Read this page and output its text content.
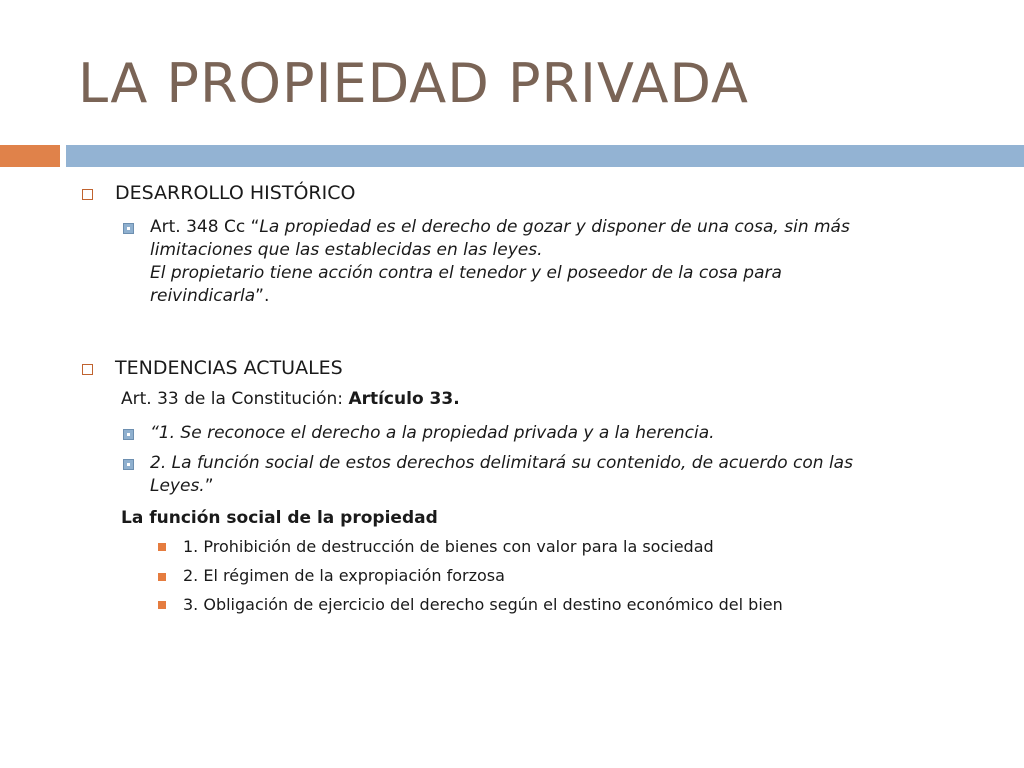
LA PROPIEDAD PRIVADA
DESARROLLO HISTÓRICO
Art. 348 Cc “La propiedad es el derecho de gozar y disponer de una cosa, sin más
limitaciones que las establecidas en las leyes.
El propietario tiene acción contra el tenedor y el poseedor de la cosa para
reivindicarla”.
TENDENCIAS ACTUALES
Art. 33 de la Constitución: Artículo 33.
“1. Se reconoce el derecho a la propiedad privada y a la herencia.
2. La función social de estos derechos delimitará su contenido, de acuerdo con las
Leyes.”
La función social de la propiedad
1. Prohibición de destrucción de bienes con valor para la sociedad
2. El régimen de la expropiación forzosa
3. Obligación de ejercicio del derecho según el destino económico del bien
